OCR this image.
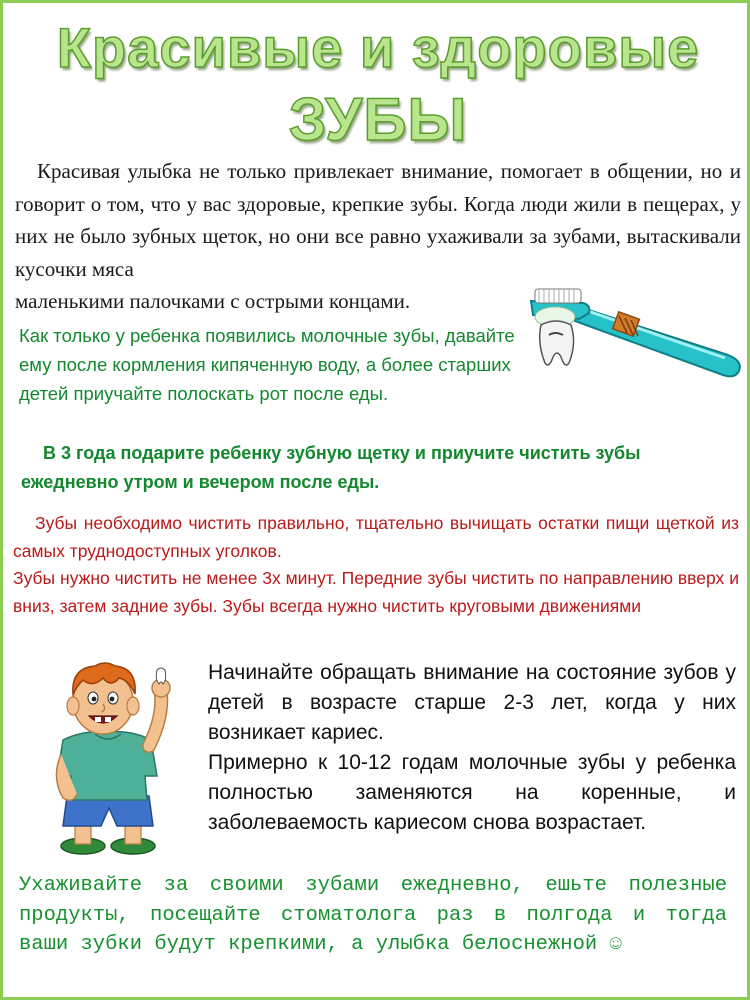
Красивые и здоровые
ЗУБЫ
Красивая улыбка не только привлекает внимание, помогает в общении, но и говорит о том, что у вас здоровые, крепкие зубы. Когда люди жили в пещерах, у них не было зубных щеток, но они все равно ухаживали за зубами, вытаскивали кусочки мяса
маленькими палочками с острыми концами.

Как только у ребенка появились молочные зубы, давайте ему после кормления кипяченную воду, а более старших детей приучайте полоскать рот после еды.

В 3 года подарите ребенку зубную щетку и приучите чистить зубы ежедневно утром и вечером после еды.

Зубы необходимо чистить правильно, тщательно вычищать остатки пищи щеткой из самых труднодоступных уголков.

Зубы нужно чистить не менее 3х минут. Передние зубы чистить по направлению вверх и вниз, затем задние зубы. Зубы всегда нужно чистить круговыми движениями

Начинайте обращать внимание на состояние зубов у детей в возрасте старше 2-3 лет, когда у них возникает кариес.

Примерно к 10-12 годам молочные зубы у ребенка полностью заменяются на коренные, и заболеваемость кариесом снова возрастает.

Ухаживайте за своими зубами ежедневно, ешьте полезные продукты, посещайте стоматолога раз в полгода и тогда ваши зубки будут крепкими, а улыбка белоснежной ☺
